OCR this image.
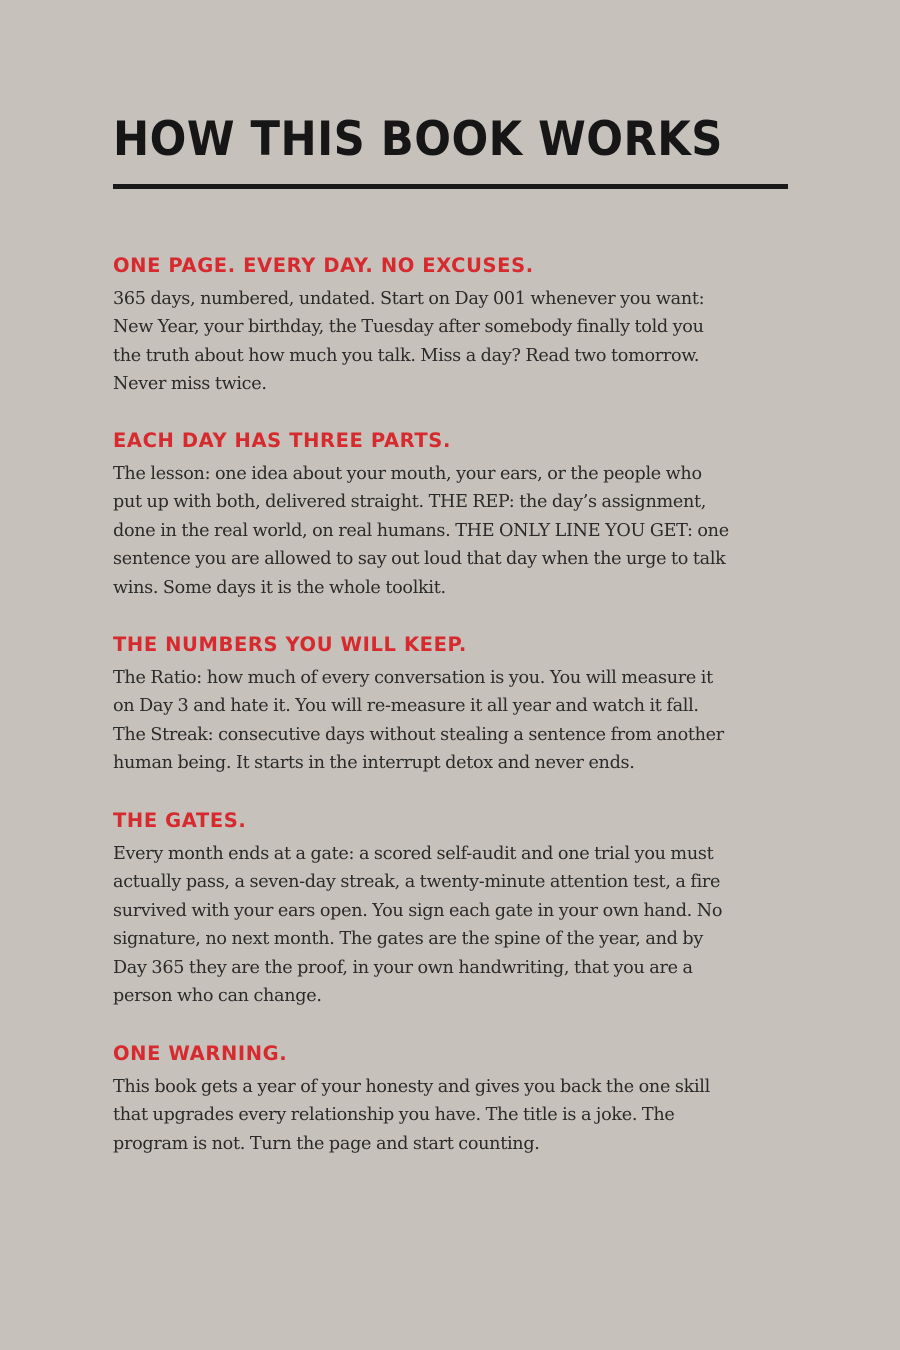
HOW THIS BOOK WORKS
ONE PAGE. EVERY DAY. NO EXCUSES.

365 days, numbered, undated. Start on Day 001 whenever you want:
New Year, your birthday, the Tuesday after somebody finally told you
the truth about how much you talk. Miss a day? Read two tomorrow.
Never miss twice.

EACH DAY HAS THREE PARTS.

The lesson: one idea about your mouth, your ears, or the people who
put up with both, delivered straight. THE REP: the day’s assignment,
done in the real world, on real humans. THE ONLY LINE YOU GET: one
sentence you are allowed to say out loud that day when the urge to talk
wins. Some days it is the whole toolkit.

THE NUMBERS YOU WILL KEEP.

The Ratio: how much of every conversation is you. You will measure it
on Day 3 and hate it. You will re-measure it all year and watch it fall.
The Streak: consecutive days without stealing a sentence from another
human being. It starts in the interrupt detox and never ends.

THE GATES.

Every month ends at a gate: a scored self-audit and one trial you must
actually pass, a seven-day streak, a twenty-minute attention test, a fire
survived with your ears open. You sign each gate in your own hand. No
signature, no next month. The gates are the spine of the year, and by
Day 365 they are the proof, in your own handwriting, that you are a
person who can change.

ONE WARNING.

This book gets a year of your honesty and gives you back the one skill
that upgrades every relationship you have. The title is a joke. The
program is not. Turn the page and start counting.
